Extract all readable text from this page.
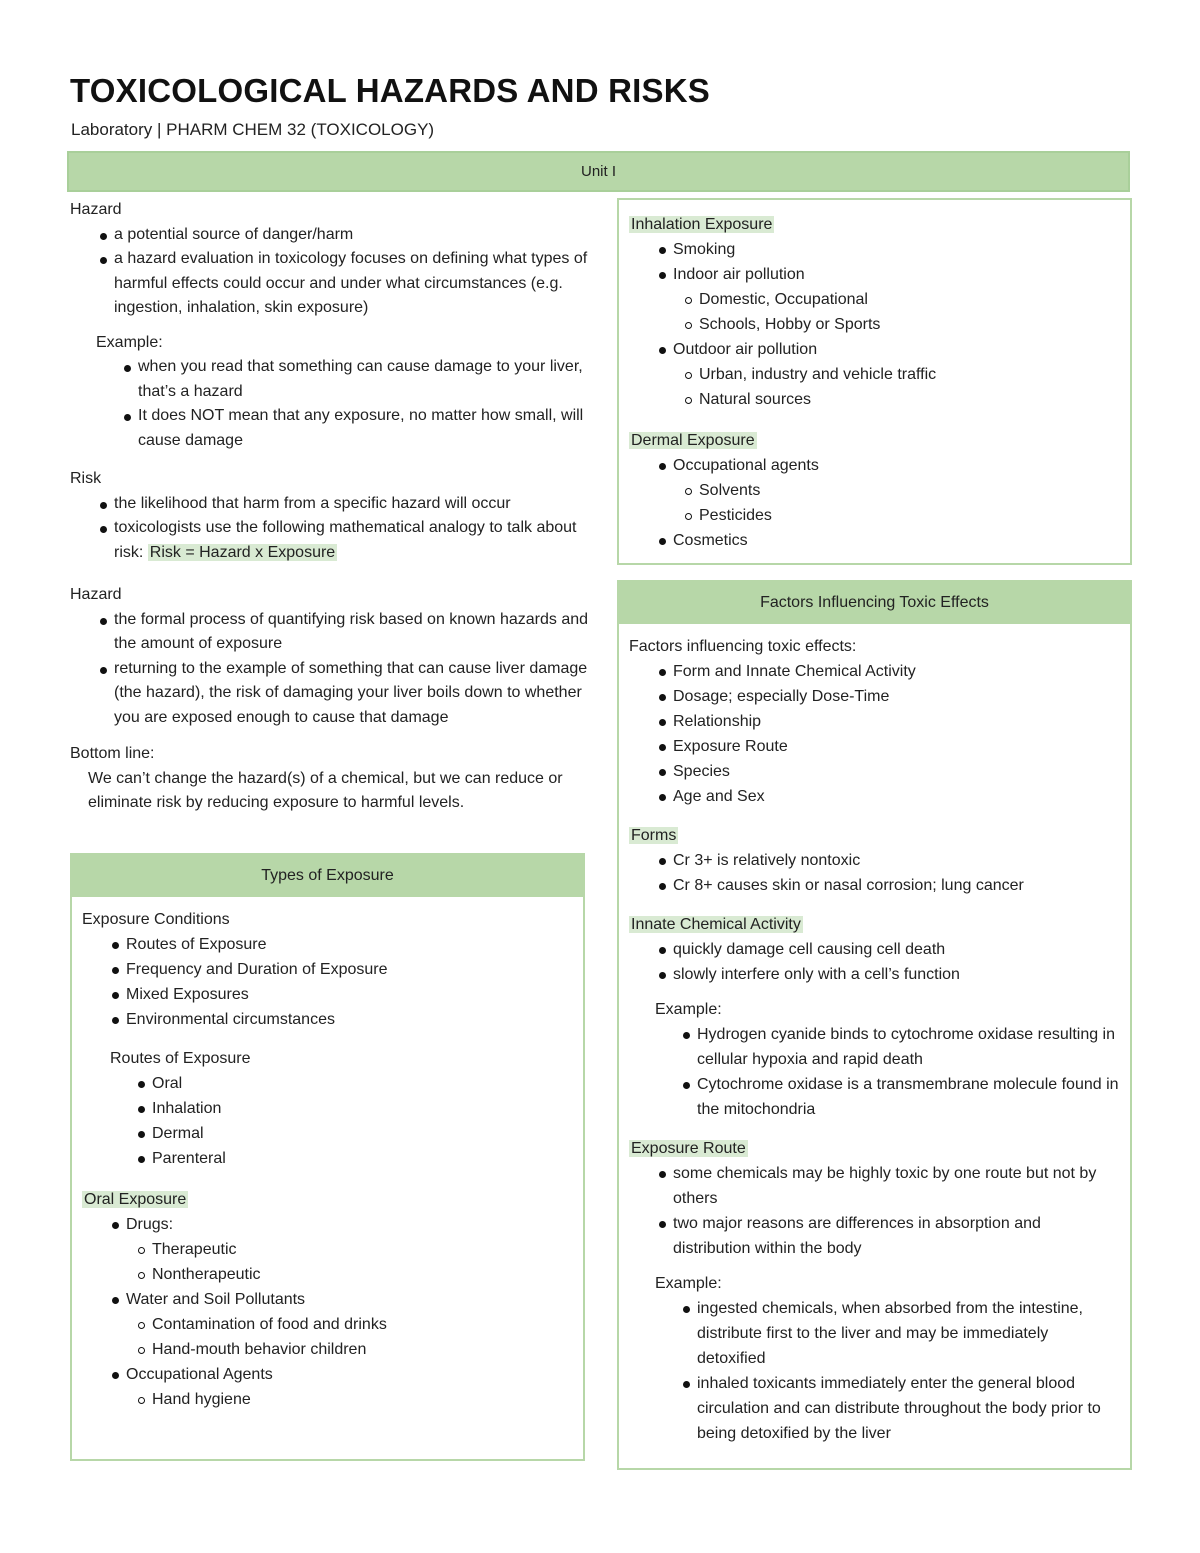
TOXICOLOGICAL HAZARDS AND RISKS
Laboratory | PHARM CHEM 32 (TOXICOLOGY)
Unit I

Hazard

a potential source of danger/harm
a hazard evaluation in toxicology focuses on defining what types of harmful effects could occur and under what circumstances (e.g. ingestion, inhalation, skin exposure)

Example:

when you read that something can cause damage to your liver, that’s a hazard
It does NOT mean that any exposure, no matter how small, will cause damage

Risk

the likelihood that harm from a specific hazard will occur
toxicologists use the following mathematical analogy to talk about risk: Risk = Hazard x Exposure

Hazard

the formal process of quantifying risk based on known hazards and the amount of exposure
returning to the example of something that can cause liver damage (the hazard), the risk of damaging your liver boils down to whether you are exposed enough to cause that damage

Bottom line:

We can’t change the hazard(s) of a chemical, but we can reduce or eliminate risk by reducing exposure to harmful levels.

Types of Exposure

Exposure Conditions

Routes of Exposure
Frequency and Duration of Exposure
Mixed Exposures
Environmental circumstances

Routes of Exposure

Oral
Inhalation
Dermal
Parenteral

Oral Exposure

Drugs:
Therapeutic
Nontherapeutic
Water and Soil Pollutants
Contamination of food and drinks
Hand-mouth behavior children
Occupational Agents
Hand hygiene

Inhalation Exposure

Smoking
Indoor air pollution
Domestic, Occupational
Schools, Hobby or Sports
Outdoor air pollution
Urban, industry and vehicle traffic
Natural sources

Dermal Exposure

Occupational agents
Solvents
Pesticides
Cosmetics
Factors Influencing Toxic Effects

Factors influencing toxic effects:

Form and Innate Chemical Activity
Dosage; especially Dose-Time
Relationship
Exposure Route
Species
Age and Sex

Forms

Cr 3+ is relatively nontoxic
Cr 8+ causes skin or nasal corrosion; lung cancer

Innate Chemical Activity

quickly damage cell causing cell death
slowly interfere only with a cell’s function

Example:

Hydrogen cyanide binds to cytochrome oxidase resulting in cellular hypoxia and rapid death
Cytochrome oxidase is a transmembrane molecule found in the mitochondria

Exposure Route

some chemicals may be highly toxic by one route but not by others
two major reasons are differences in absorption and distribution within the body

Example:

ingested chemicals, when absorbed from the intestine, distribute first to the liver and may be immediately detoxified
inhaled toxicants immediately enter the general blood circulation and can distribute throughout the body prior to being detoxified by the liver
